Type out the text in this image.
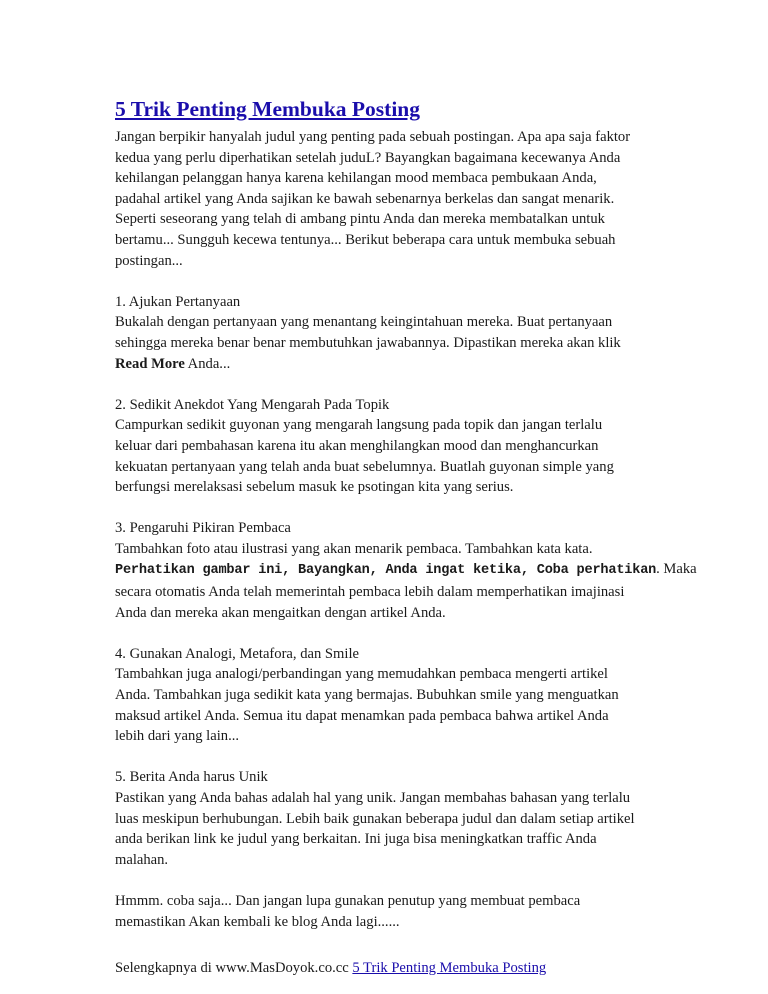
5 Trik Penting Membuka Posting
Jangan berpikir hanyalah judul yang penting pada sebuah postingan. Apa apa saja faktor
kedua yang perlu diperhatikan setelah juduL? Bayangkan bagaimana kecewanya Anda
kehilangan pelanggan hanya karena kehilangan mood membaca pembukaan Anda,
padahal artikel yang Anda sajikan ke bawah sebenarnya berkelas dan sangat menarik.
Seperti seseorang yang telah di ambang pintu Anda dan mereka membatalkan untuk
bertamu... Sungguh kecewa tentunya... Berikut beberapa cara untuk membuka sebuah
postingan...
1. Ajukan Pertanyaan
Bukalah dengan pertanyaan yang menantang keingintahuan mereka. Buat pertanyaan
sehingga mereka benar benar membutuhkan jawabannya. Dipastikan mereka akan klik
Read More Anda...
2. Sedikit Anekdot Yang Mengarah Pada Topik
Campurkan sedikit guyonan yang mengarah langsung pada topik dan jangan terlalu
keluar dari pembahasan karena itu akan menghilangkan mood dan menghancurkan
kekuatan pertanyaan yang telah anda buat sebelumnya. Buatlah guyonan simple yang
berfungsi merelaksasi sebelum masuk ke psotingan kita yang serius.
3. Pengaruhi Pikiran Pembaca
Tambahkan foto atau ilustrasi yang akan menarik pembaca. Tambahkan kata kata.
Perhatikan gambar ini, Bayangkan, Anda ingat ketika, Coba perhatikan. Maka
secara otomatis Anda telah memerintah pembaca lebih dalam memperhatikan imajinasi
Anda dan mereka akan mengaitkan dengan artikel Anda.
4. Gunakan Analogi, Metafora, dan Smile
Tambahkan juga analogi/perbandingan yang memudahkan pembaca mengerti artikel
Anda. Tambahkan juga sedikit kata yang bermajas. Bubuhkan smile yang menguatkan
maksud artikel Anda. Semua itu dapat menamkan pada pembaca bahwa artikel Anda
lebih dari yang lain...
5. Berita Anda harus Unik
Pastikan yang Anda bahas adalah hal yang unik. Jangan membahas bahasan yang terlalu
luas meskipun berhubungan. Lebih baik gunakan beberapa judul dan dalam setiap artikel
anda berikan link ke judul yang berkaitan. Ini juga bisa meningkatkan traffic Anda
malahan.
Hmmm. coba saja... Dan jangan lupa gunakan penutup yang membuat pembaca
memastikan Akan kembali ke blog Anda lagi......
Selengkapnya di www.MasDoyok.co.cc 5 Trik Penting Membuka Posting
